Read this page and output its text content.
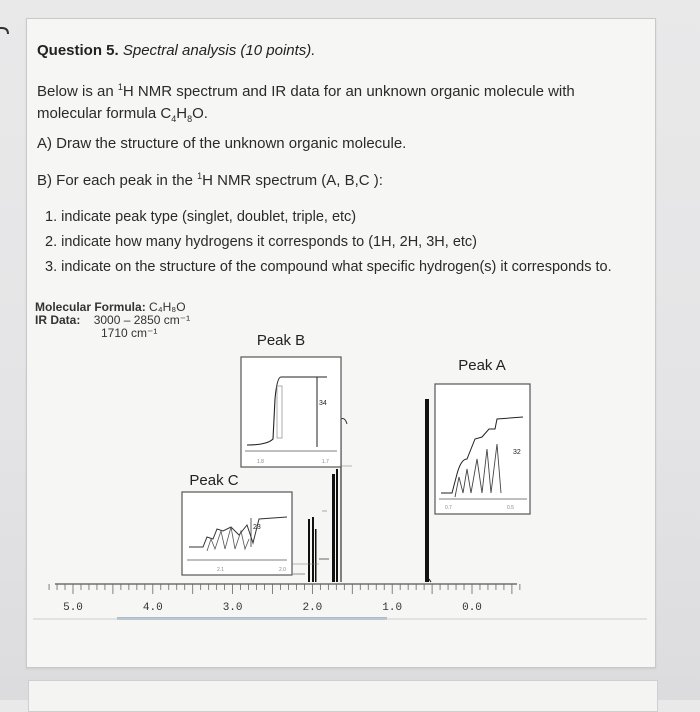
Question 5. Spectral analysis (10 points).
Below is an $^1$H NMR spectrum and IR data for an unknown organic molecule with
molecular formula $C_4H_8O$.
A) Draw the structure of the unknown organic molecule.
B) For each peak in the $^1$H NMR spectrum (A, B,C ):
1. indicate peak type (singlet, doublet, triple, etc)
2. indicate how many hydrogens it corresponds to (1H, 2H, 3H, etc)
3. indicate on the structure of the compound what specific hydrogen(s) it corresponds to.
Molecular Formula: C₄H₈O
IR Data: 3000 – 2850 cm⁻¹
1710 cm⁻¹
5.0	4.0	3.0	2.0	1.0	0.0
Peak B
34
1.8	1.7
Peak A
32
0.7	0.5
Peak C
23
2.1	2.0
